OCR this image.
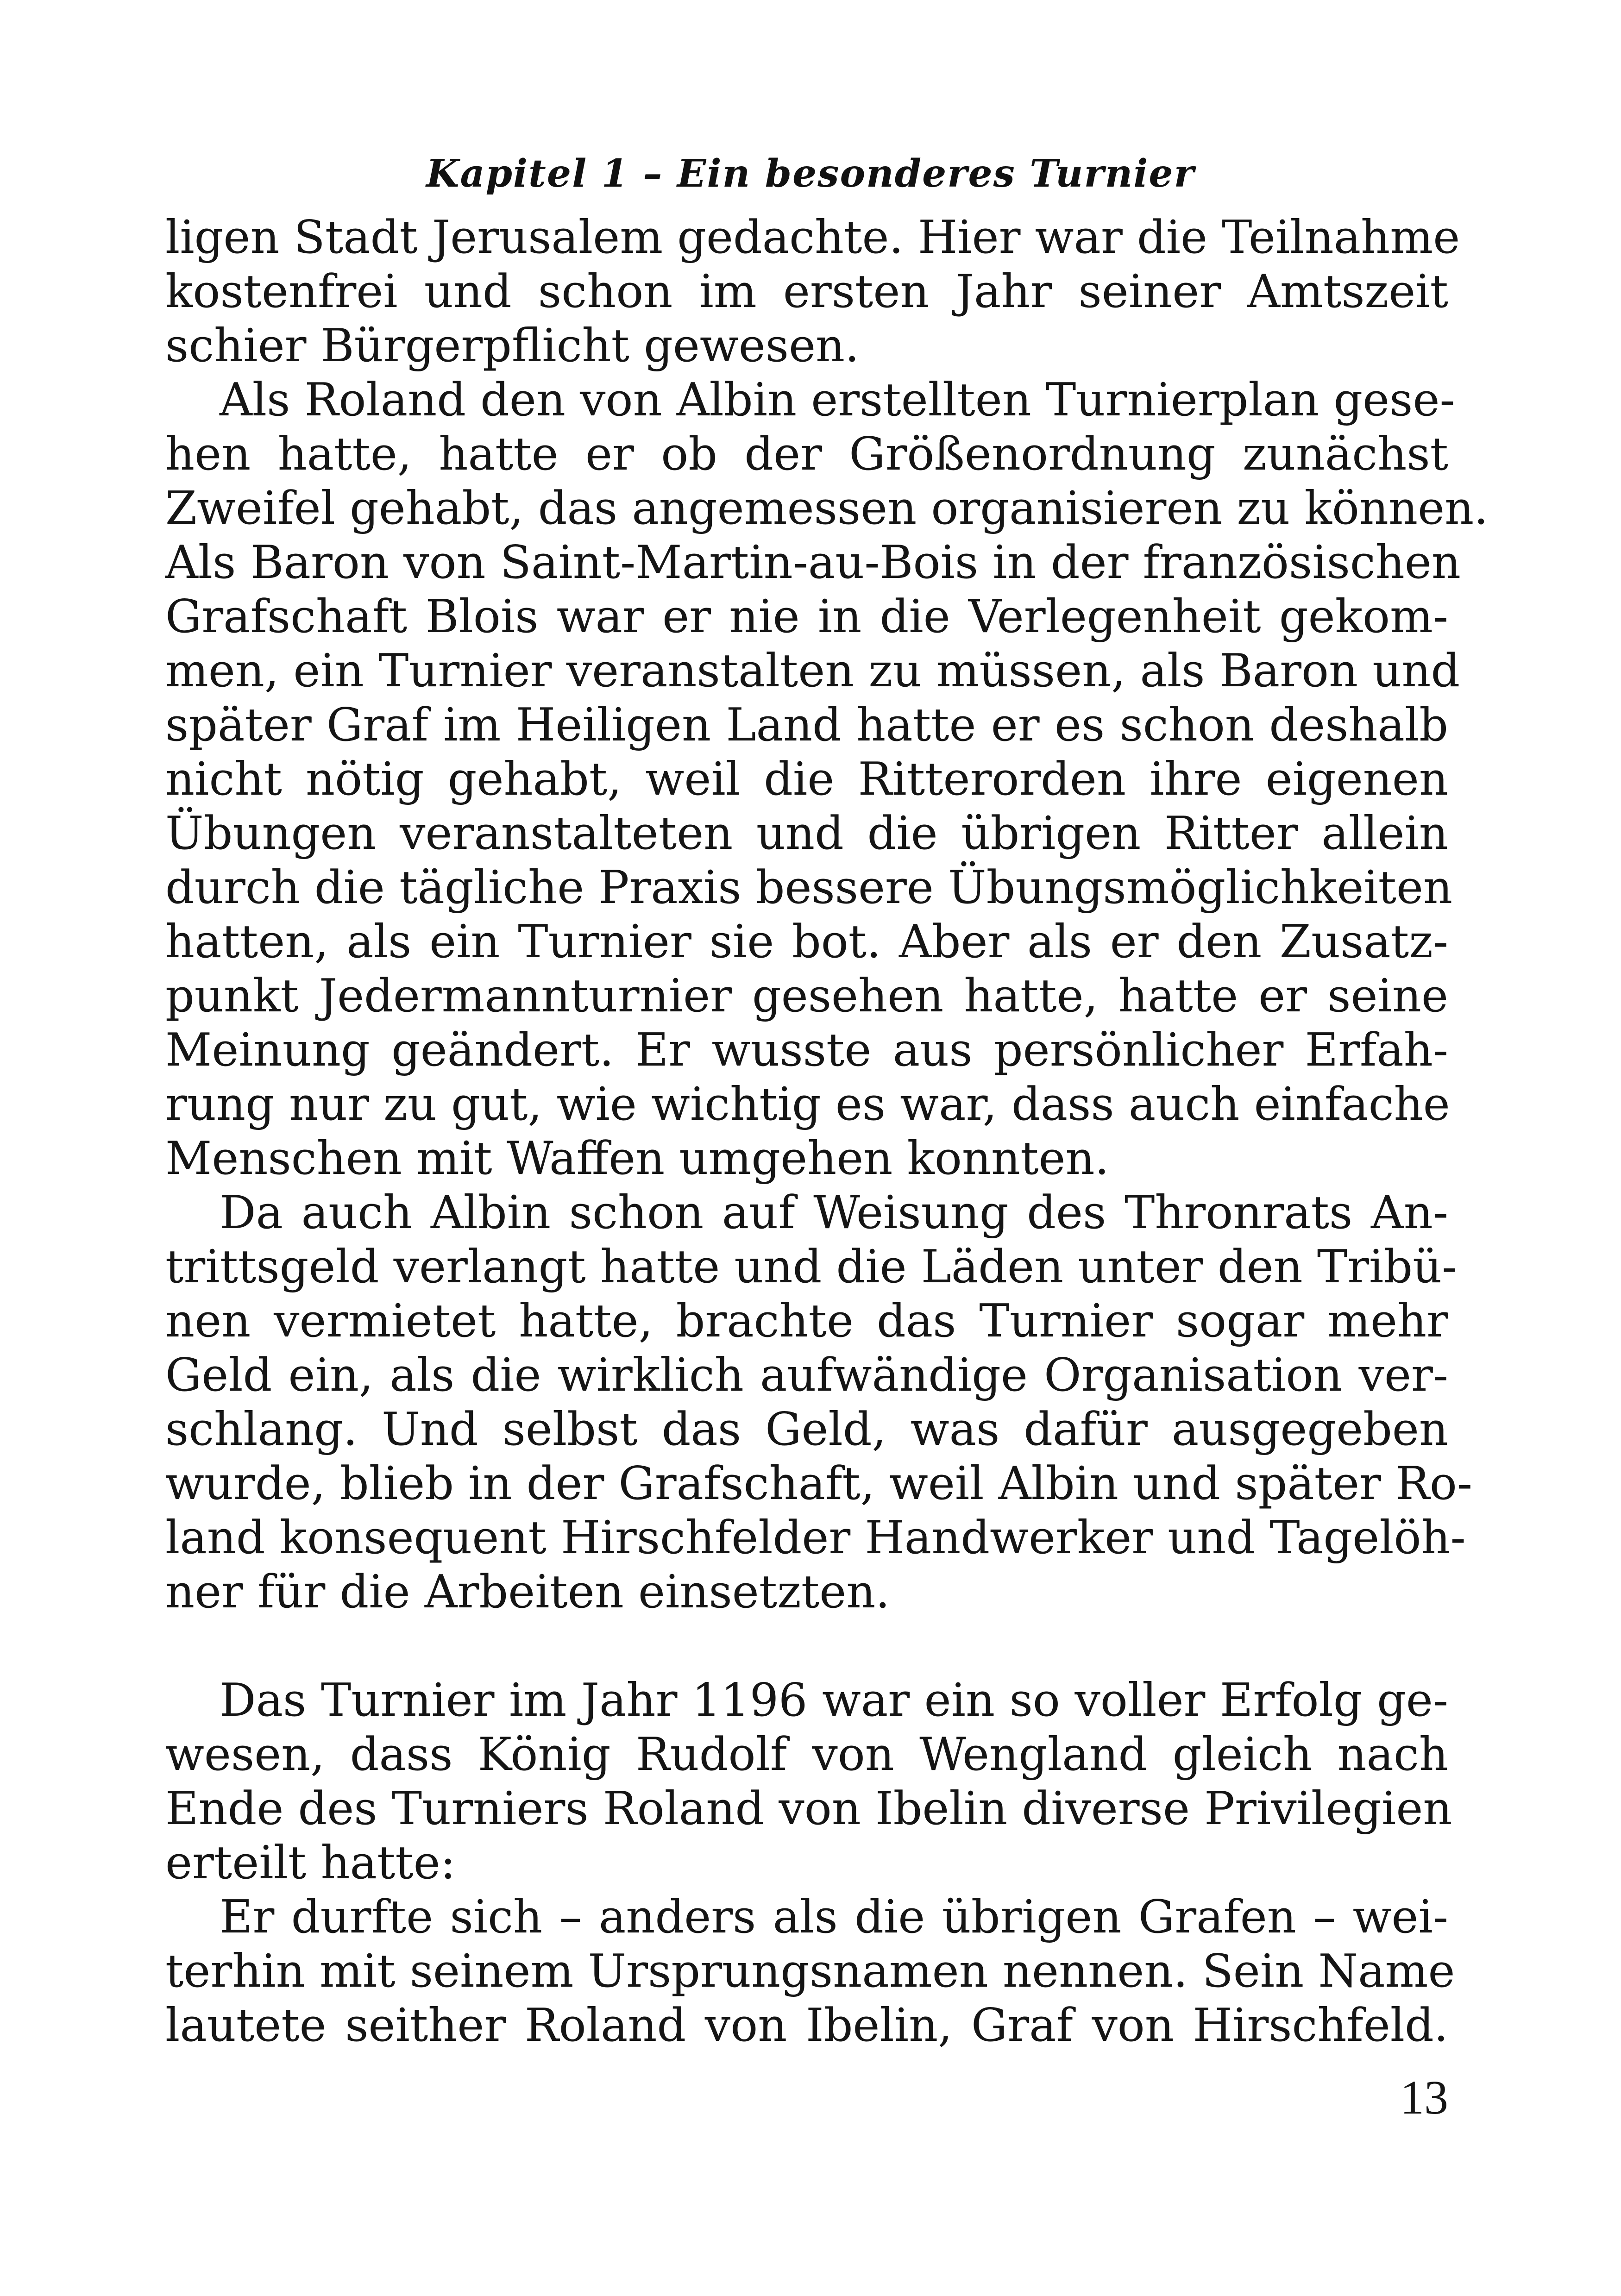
Kapitel 1 – Ein besonderes Turnier
ligen Stadt Jerusalem gedachte. Hier war die Teilnahme
kostenfrei und schon im ersten Jahr seiner Amtszeit
schier Bürgerpflicht gewesen.
Als Roland den von Albin erstellten Turnierplan gese-
hen hatte, hatte er ob der Größenordnung zunächst
Zweifel gehabt, das angemessen organisieren zu können.
Als Baron von Saint-Martin-au-Bois in der französischen
Grafschaft Blois war er nie in die Verlegenheit gekom-
men, ein Turnier veranstalten zu müssen, als Baron und
später Graf im Heiligen Land hatte er es schon deshalb
nicht nötig gehabt, weil die Ritterorden ihre eigenen
Übungen veranstalteten und die übrigen Ritter allein
durch die tägliche Praxis bessere Übungsmöglichkeiten
hatten, als ein Turnier sie bot. Aber als er den Zusatz-
punkt Jedermannturnier gesehen hatte, hatte er seine
Meinung geändert. Er wusste aus persönlicher Erfah-
rung nur zu gut, wie wichtig es war, dass auch einfache
Menschen mit Waffen umgehen konnten.
Da auch Albin schon auf Weisung des Thronrats An-
trittsgeld verlangt hatte und die Läden unter den Tribü-
nen vermietet hatte, brachte das Turnier sogar mehr
Geld ein, als die wirklich aufwändige Organisation ver-
schlang. Und selbst das Geld, was dafür ausgegeben
wurde, blieb in der Grafschaft, weil Albin und später Ro-
land konsequent Hirschfelder Handwerker und Tagelöh-
ner für die Arbeiten einsetzten.
Das Turnier im Jahr 1196 war ein so voller Erfolg ge-
wesen, dass König Rudolf von Wengland gleich nach
Ende des Turniers Roland von Ibelin diverse Privilegien
erteilt hatte:
Er durfte sich – anders als die übrigen Grafen – wei-
terhin mit seinem Ursprungsnamen nennen. Sein Name
lautete seither Roland von Ibelin, Graf von Hirschfeld.
13
